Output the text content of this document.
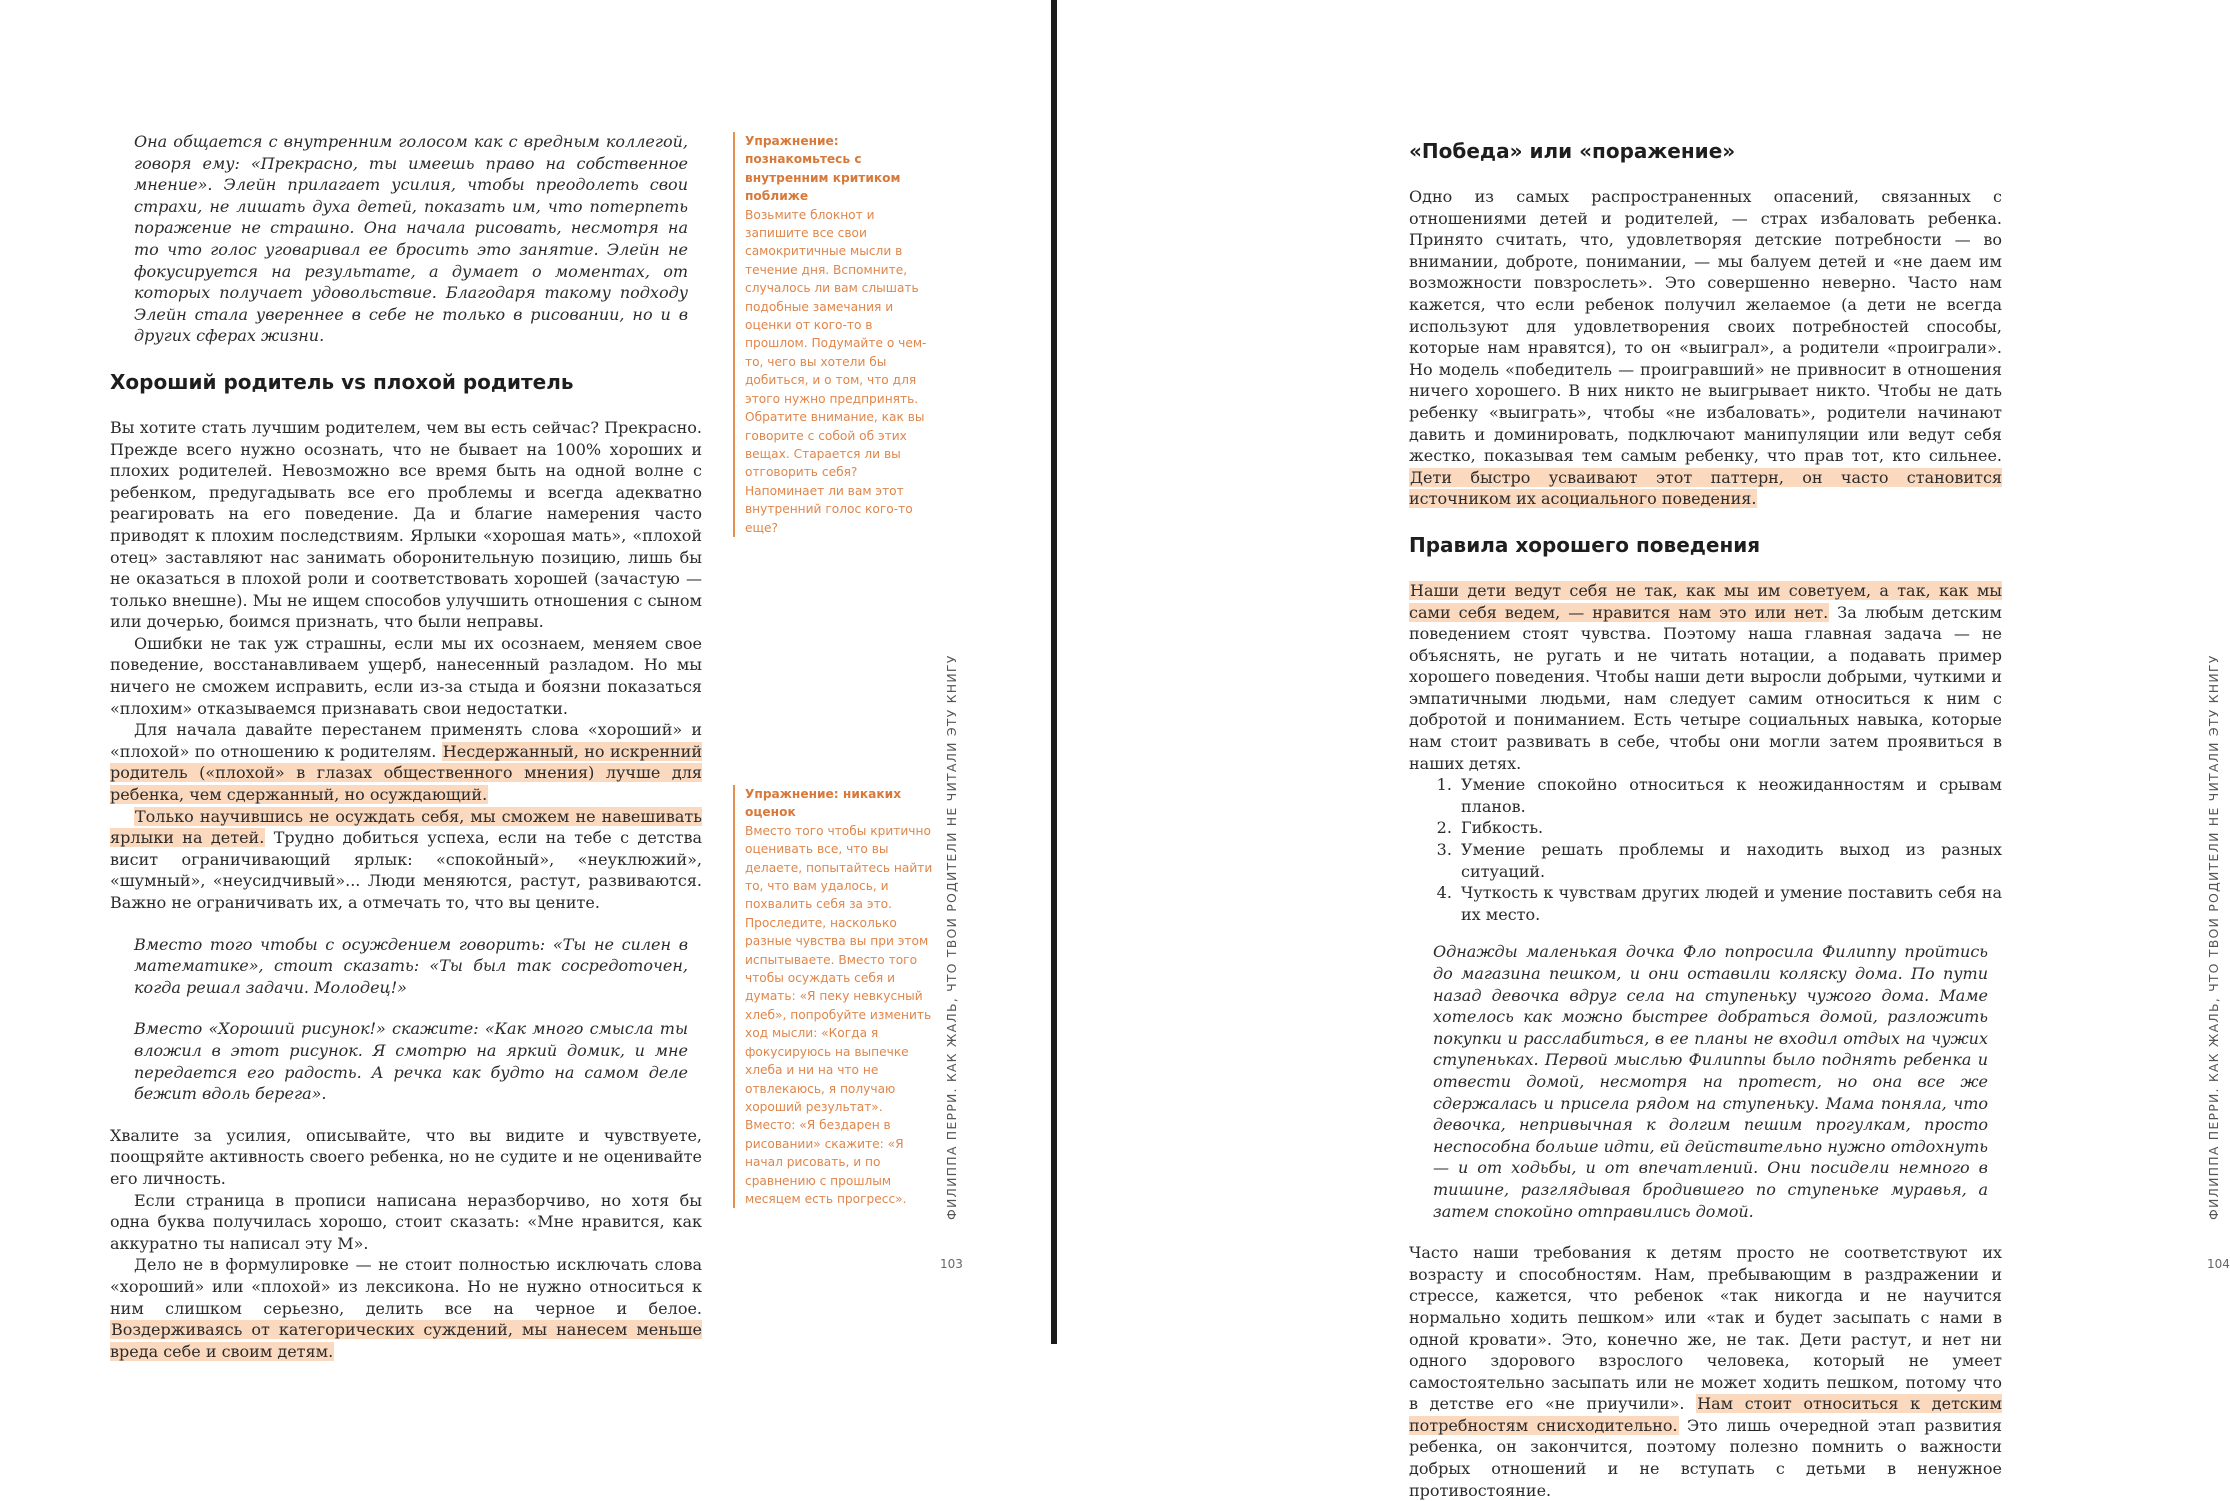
Она общается с внутренним голосом как с вредным коллегой, говоря ему: «Прекрасно, ты имеешь право на собственное мнение». Элейн прилагает усилия, чтобы преодолеть свои страхи, не лишать духа детей, показать им, что потерпеть поражение не страшно. Она начала рисовать, несмотря на то что голос уговаривал ее бросить это занятие. Элейн не фокусируется на результате, а думает о моментах, от которых получает удовольствие. Благодаря такому подходу Элейн стала увереннее в себе не только в рисовании, но и в других сферах жизни.

Хороший родитель vs плохой родитель

Вы хотите стать лучшим родителем, чем вы есть сейчас? Прекрасно. Прежде всего нужно осознать, что не бывает на 100% хороших и плохих родителей. Невозможно все время быть на одной волне с ребенком, предугадывать все его проблемы и всегда адекватно реагировать на его поведение. Да и благие намерения часто приводят к плохим последствиям. Ярлыки «хорошая мать», «плохой отец» заставляют нас занимать оборонительную позицию, лишь бы не оказаться в плохой роли и соответствовать хорошей (зачастую — только внешне). Мы не ищем способов улучшить отношения с сыном или дочерью, боимся признать, что были неправы.

Ошибки не так уж страшны, если мы их осознаем, меняем свое поведение, восстанавливаем ущерб, нанесенный разладом. Но мы ничего не сможем исправить, если из-за стыда и боязни показаться «плохим» отказываемся признавать свои недостатки.

Для начала давайте перестанем применять слова «хороший» и «плохой» по отношению к родителям. Несдержанный, но искренний родитель («плохой» в глазах общественного мнения) лучше для ребенка, чем сдержанный, но осуждающий.

Только научившись не осуждать себя, мы сможем не навешивать ярлыки на детей. Трудно добиться успеха, если на тебе с детства висит ограничивающий ярлык: «спокойный», «неуклюжий», «шумный», «неусидчивый»... Люди меняются, растут, развиваются. Важно не ограничивать их, а отмечать то, что вы цените.

Вместо того чтобы с осуждением говорить: «Ты не силен в математике», стоит сказать: «Ты был так сосредоточен, когда решал задачи. Молодец!»

Вместо «Хороший рисунок!» скажите: «Как много смысла ты вложил в этот рисунок. Я смотрю на яркий домик, и мне передается его радость. А речка как будто на самом деле бежит вдоль берега».

Хвалите за усилия, описывайте, что вы видите и чувствуете, поощряйте активность своего ребенка, но не судите и не оценивайте его личность.

Если страница в прописи написана неразборчиво, но хотя бы одна буква получилась хорошо, стоит сказать: «Мне нравится, как аккуратно ты написал эту М».

Дело не в формулировке — не стоит полностью исключать слова «хороший» или «плохой» из лексикона. Но не нужно относиться к ним слишком серьезно, делить все на черное и белое. Воздерживаясь от категорических суждений, мы нанесем меньше вреда себе и своим детям.

Упражнение: познакомьтесь с внутренним критиком поближе
Возьмите блокнот и запишите все свои самокритичные мысли в течение дня. Вспомните, случалось ли вам слышать подобные замечания и оценки от кого-то в прошлом. Подумайте о чем-то, чего вы хотели бы добиться, и о том, что для этого нужно предпринять. Обратите внимание, как вы говорите с собой об этих вещах. Старается ли вы отговорить себя? Напоминает ли вам этот внутренний голос кого-то еще?
Упражнение: никаких оценок
Вместо того чтобы критично оценивать все, что вы делаете, попытайтесь найти то, что вам удалось, и похвалить себя за это. Проследите, насколько разные чувства вы при этом испытываете. Вместо того чтобы осуждать себя и думать: «Я пеку невкусный хлеб», попробуйте изменить ход мысли: «Когда я фокусируюсь на выпечке хлеба и ни на что не отвлекаюсь, я получаю хороший результат». Вместо: «Я бездарен в рисовании» скажите: «Я начал рисовать, и по сравнению с прошлым месяцем есть прогресс».	ФИЛИППА ПЕРРИ. КАК ЖАЛЬ, ЧТО ТВОИ РОДИТЕЛИ НЕ ЧИТАЛИ ЭТУ КНИГУ
103
«Победа» или «поражение»

Одно из самых распространенных опасений, связанных с отношениями детей и родителей, — страх избаловать ребенка. Принято считать, что, удовлетворяя детские потребности — во внимании, доброте, понимании, — мы балуем детей и «не даем им возможности повзрослеть». Это совершенно неверно. Часто нам кажется, что если ребенок получил желаемое (а дети не всегда используют для удовлетворения своих потребностей способы, которые нам нравятся), то он «выиграл», а родители «проиграли». Но модель «победитель — проигравший» не привносит в отношения ничего хорошего. В них никто не выигрывает никто. Чтобы не дать ребенку «выиграть», чтобы «не избаловать», родители начинают давить и доминировать, подключают манипуляции или ведут себя жестко, показывая тем самым ребенку, что прав тот, кто сильнее. Дети быстро усваивают этот паттерн, он часто становится источником их асоциального поведения.

Правила хорошего поведения

Наши дети ведут себя не так, как мы им советуем, а так, как мы сами себя ведем, — нравится нам это или нет. За любым детским поведением стоят чувства. Поэтому наша главная задача — не объяснять, не ругать и не читать нотации, а подавать пример хорошего поведения. Чтобы наши дети выросли добрыми, чуткими и эмпатичными людьми, нам следует самим относиться к ним с добротой и пониманием. Есть четыре социальных навыка, которые нам стоит развивать в себе, чтобы они могли затем проявиться в наших детях.

1. Умение спокойно относиться к неожиданностям и срывам планов.
2. Гибкость.
3. Умение решать проблемы и находить выход из разных ситуаций.
4. Чуткость к чувствам других людей и умение поставить себя на их место.

Однажды маленькая дочка Фло попросила Филиппу пройтись до магазина пешком, и они оставили коляску дома. По пути назад девочка вдруг села на ступеньку чужого дома. Маме хотелось как можно быстрее добраться домой, разложить покупки и расслабиться, в ее планы не входил отдых на чужих ступеньках. Первой мыслью Филиппы было поднять ребенка и отвести домой, несмотря на протест, но она все же сдержалась и присела рядом на ступеньку. Мама поняла, что девочка, непривычная к долгим пешим прогулкам, просто неспособна больше идти, ей действительно нужно отдохнуть — и от ходьбы, и от впечатлений. Они посидели немного в тишине, разглядывая бродившего по ступеньке муравья, а затем спокойно отправились домой.

Часто наши требования к детям просто не соответствуют их возрасту и способностям. Нам, пребывающим в раздражении и стрессе, кажется, что ребенок «так никогда и не научится нормально ходить пешком» или «так и будет засыпать с нами в одной кровати». Это, конечно же, не так. Дети растут, и нет ни одного здорового взрослого человека, который не умеет самостоятельно засыпать или не может ходить пешком, потому что в детстве его «не приучили». Нам стоит относиться к детским потребностям снисходительно. Это лишь очередной этап развития ребенка, он закончится, поэтому полезно помнить о важности добрых отношений и не вступать с детьми в ненужное противостояние.

ФИЛИППА ПЕРРИ. КАК ЖАЛЬ, ЧТО ТВОИ РОДИТЕЛИ НЕ ЧИТАЛИ ЭТУ КНИГУ
104
